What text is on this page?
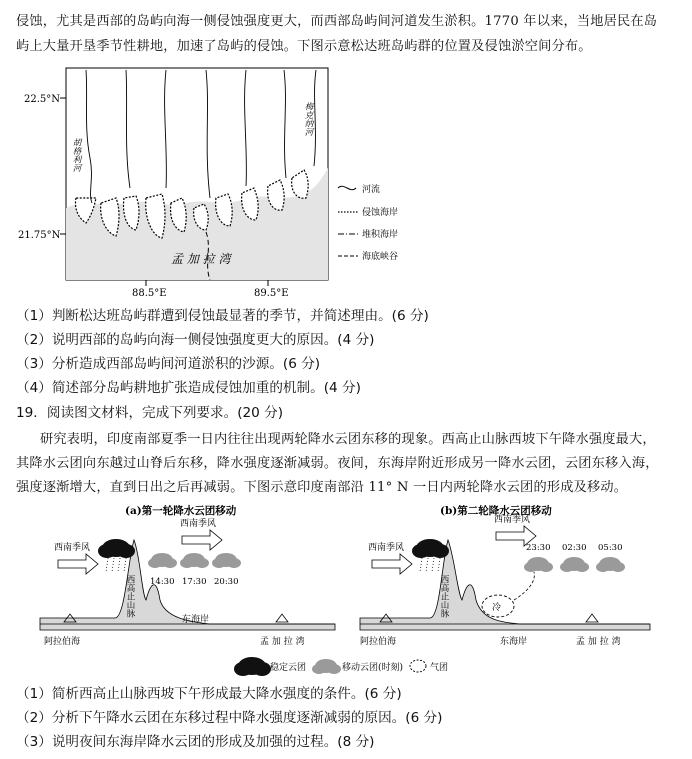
侵蚀，尤其是西部的岛屿向海一侧侵蚀强度更大，而西部岛屿间河道发生淤积。1770 年以来，当地居民在岛
屿上大量开垦季节性耕地，加速了岛屿的侵蚀。下图示意松达班岛屿群的位置及侵蚀淤空间分布。
22.5°N
21.75°N
胡格利河
梅克纳河
孟 加 拉 湾
88.5°E	89.5°E
河流
侵蚀海岸
堆积海岸
海底峡谷
（1）判断松达班岛屿群遭到侵蚀最显著的季节，并简述理由。(6 分)
（2）说明西部的岛屿向海一侧侵蚀强度更大的原因。(4 分)
（3）分析造成西部岛屿间河道淤积的沙源。(6 分)
（4）简述部分岛屿耕地扩张造成侵蚀加重的机制。(4 分)
19．阅读图文材料，完成下列要求。(20 分)
研究表明，印度南部夏季一日内往往出现两轮降水云团东移的现象。西高止山脉西坡下午降水强度最大，
其降水云团向东越过山脊后东移，降水强度逐渐减弱。夜间，东海岸附近形成另一降水云团，云团东移入海，
强度逐渐增大，直到日出之后再减弱。下图示意印度南部沿 11° N 一日内两轮降水云团的形成及移动。
(a)第一轮降水云团移动
西南季风
西南季风
14:30 17:30 20:30
西高止山脉
阿拉伯海
东海岸
孟 加 拉 湾
(b)第二轮降水云团移动
西南季风
西南季风
23:30 02:30 05:30
冷
西高止山脉
阿拉伯海	东海岸	孟 加 拉 湾
稳定云团	移动云团(时刻)	气团
（1）简析西高止山脉西坡下午形成最大降水强度的条件。(6 分)
（2）分析下午降水云团在东移过程中降水强度逐渐减弱的原因。(6 分)
（3）说明夜间东海岸降水云团的形成及加强的过程。(8 分)
